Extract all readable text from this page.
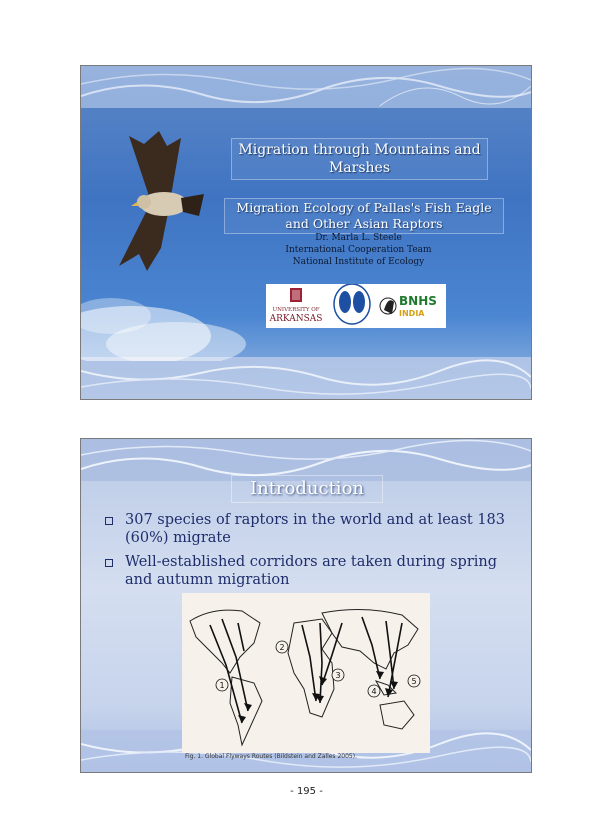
Migration through Mountains and Marshes
Migration Ecology of Pallas's Fish Eagle and Other Asian Raptors
Dr. Marla L. Steele
International Cooperation Team
National Institute of Ecology
UNIVERSITY OF
ARKANSAS
BNHS
INDIA
Introduction
307 species of raptors in the world and at least 183 (60%) migrate
Well-established corridors are taken during spring and autumn migration
1
2
3
4
5
Fig. 1. Global Flyways Routes (Bildstein and Zalles 2005).
- 195 -
